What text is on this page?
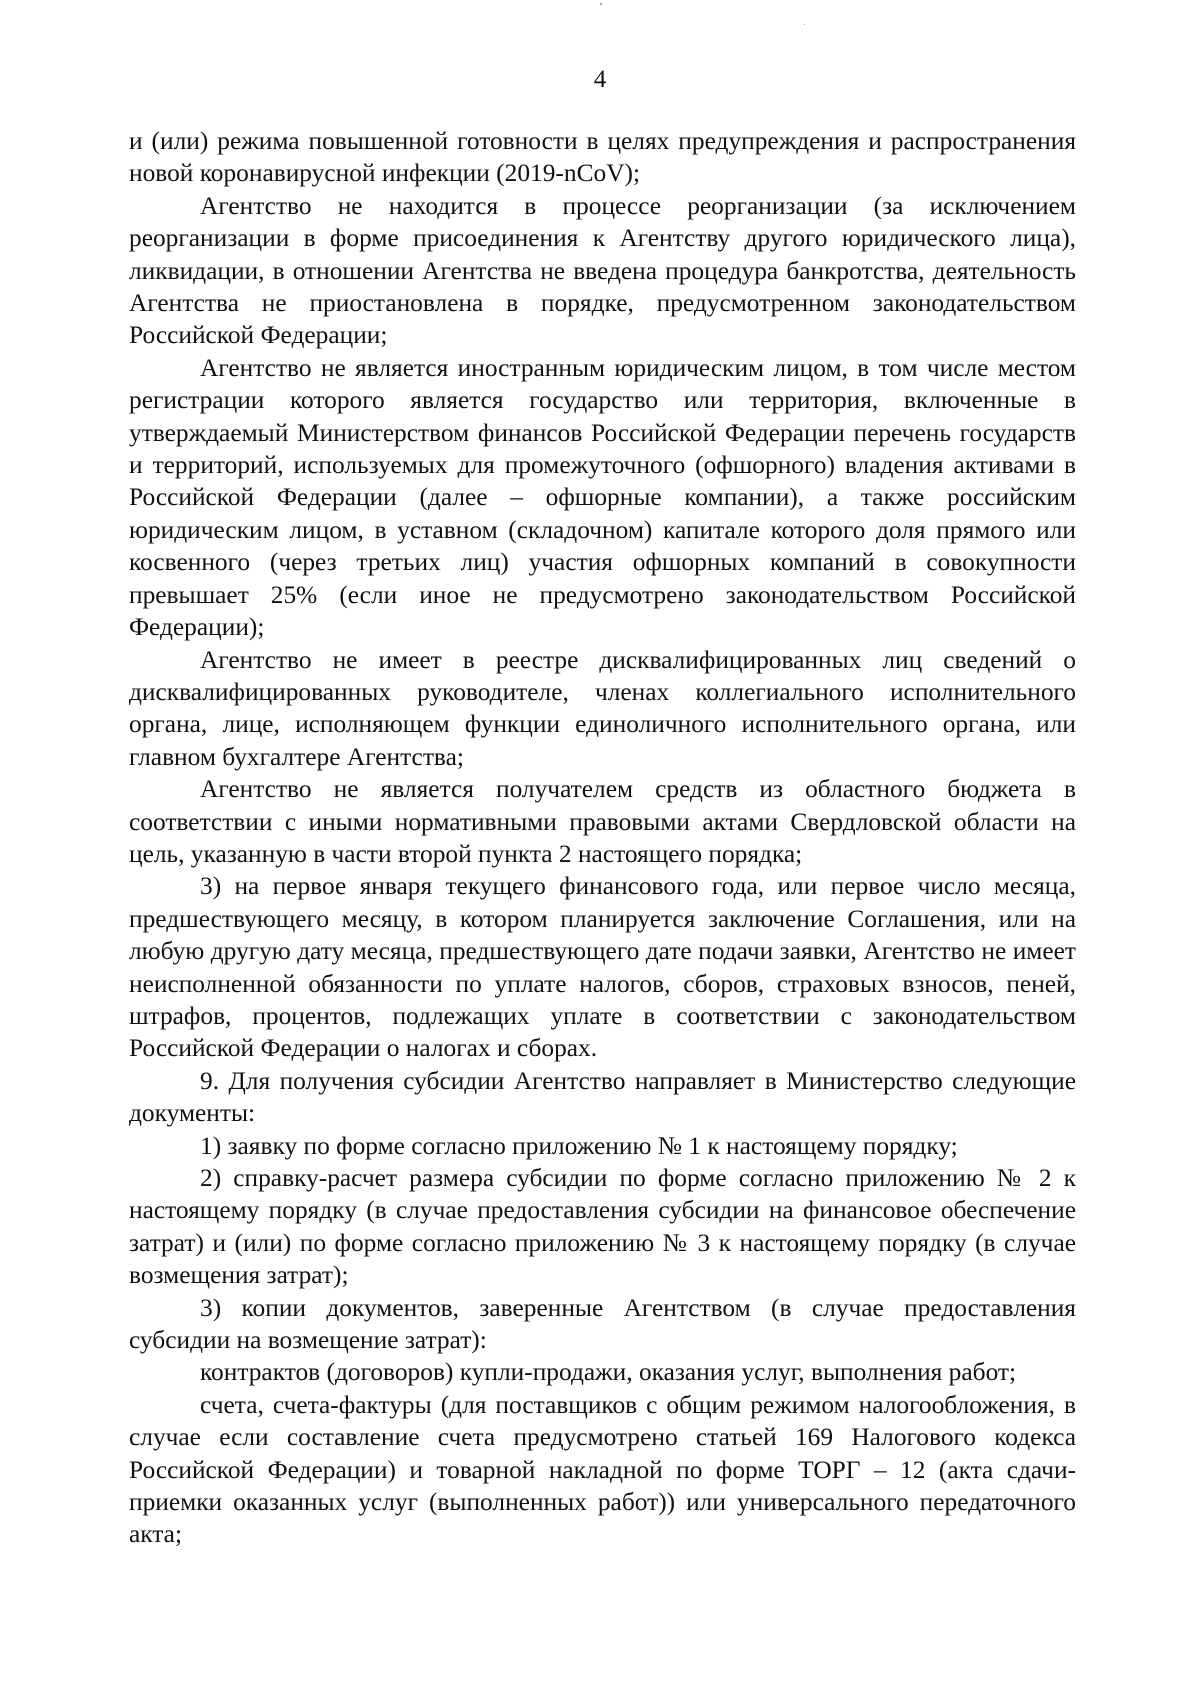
4

и (или) режима повышенной готовности в целях предупреждения и распространения новой коронавирусной инфекции (2019-nCoV);

Агентство не находится в процессе реорганизации (за исключением реорганизации в форме присоединения к Агентству другого юридического лица), ликвидации, в отношении Агентства не введена процедура банкротства, деятельность Агентства не приостановлена в порядке, предусмотренном законодательством Российской Федерации;

Агентство не является иностранным юридическим лицом, в том числе местом регистрации которого является государство или территория, включенные в утверждаемый Министерством финансов Российской Федерации перечень государств и территорий, используемых для промежуточного (офшорного) владения активами в Российской Федерации (далее – офшорные компании), а также российским юридическим лицом, в уставном (складочном) капитале которого доля прямого или косвенного (через третьих лиц) участия офшорных компаний в совокупности превышает 25% (если иное не предусмотрено законодательством Российской Федерации);

Агентство не имеет в реестре дисквалифицированных лиц сведений о дисквалифицированных руководителе, членах коллегиального исполнительного органа, лице, исполняющем функции единоличного исполнительного органа, или главном бухгалтере Агентства;

Агентство не является получателем средств из областного бюджета в соответствии с иными нормативными правовыми актами Свердловской области на цель, указанную в части второй пункта 2 настоящего порядка;

3) на первое января текущего финансового года, или первое число месяца, предшествующего месяцу, в котором планируется заключение Соглашения, или на любую другую дату месяца, предшествующего дате подачи заявки, Агентство не имеет неисполненной обязанности по уплате налогов, сборов, страховых взносов, пеней, штрафов, процентов, подлежащих уплате в соответствии с законодательством Российской Федерации о налогах и сборах.

9. Для получения субсидии Агентство направляет в Министерство следующие документы:

1) заявку по форме согласно приложению № 1 к настоящему порядку;

2) справку-расчет размера субсидии по форме согласно приложению № 2 к настоящему порядку (в случае предоставления субсидии на финансовое обеспечение затрат) и (или) по форме согласно приложению № 3 к настоящему порядку (в случае возмещения затрат);

3) копии документов, заверенные Агентством (в случае предоставления субсидии на возмещение затрат):

контрактов (договоров) купли-продажи, оказания услуг, выполнения работ;

счета, счета-фактуры (для поставщиков с общим режимом налогообложения, в случае если составление счета предусмотрено статьей 169 Налогового кодекса Российской Федерации) и товарной накладной по форме ТОРГ – 12 (акта сдачи-приемки оказанных услуг (выполненных работ)) или универсального передаточного акта;
